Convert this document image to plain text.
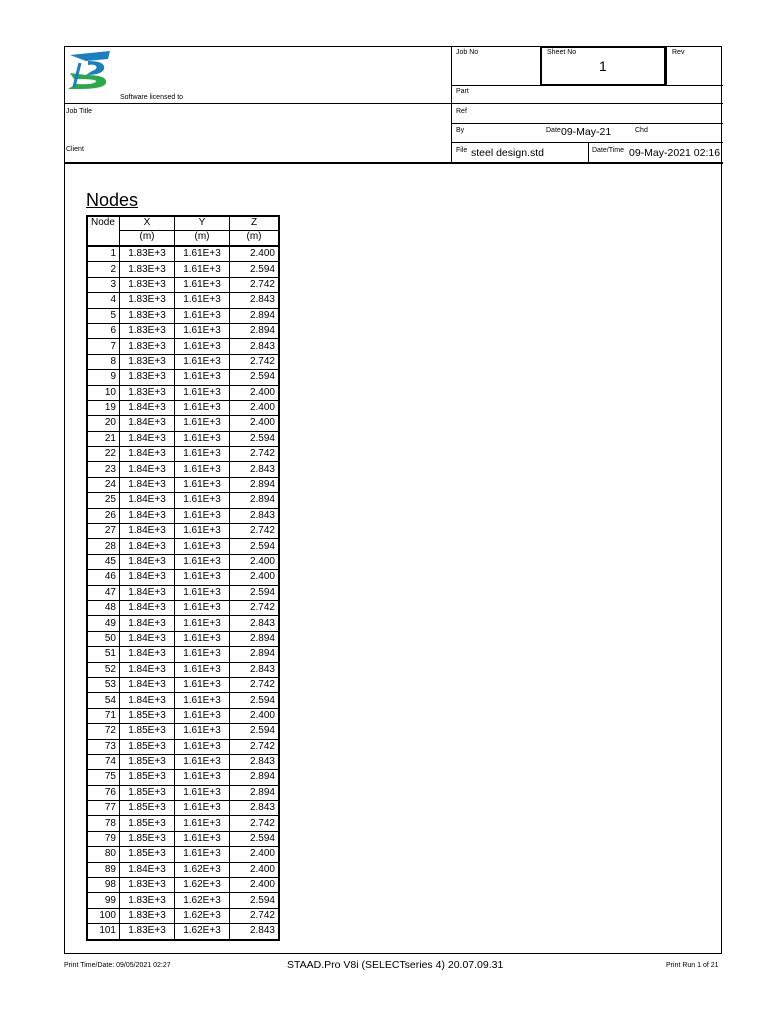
Software licensed to
Job Title
Client
Job No	Sheet No
1
Rev
Part
Ref
By	Date 09-May-21	Chd
File steel design.std	Date/Time 09-May-2021 02:16
Nodes
Node	X	Y	Z
	(m)	(m)	(m)
1	1.83E+3	1.61E+3	2.400
2	1.83E+3	1.61E+3	2.594
3	1.83E+3	1.61E+3	2.742
4	1.83E+3	1.61E+3	2.843
5	1.83E+3	1.61E+3	2.894
6	1.83E+3	1.61E+3	2.894
7	1.83E+3	1.61E+3	2.843
8	1.83E+3	1.61E+3	2.742
9	1.83E+3	1.61E+3	2.594
10	1.83E+3	1.61E+3	2.400
19	1.84E+3	1.61E+3	2.400
20	1.84E+3	1.61E+3	2.400
21	1.84E+3	1.61E+3	2.594
22	1.84E+3	1.61E+3	2.742
23	1.84E+3	1.61E+3	2.843
24	1.84E+3	1.61E+3	2.894
25	1.84E+3	1.61E+3	2.894
26	1.84E+3	1.61E+3	2.843
27	1.84E+3	1.61E+3	2.742
28	1.84E+3	1.61E+3	2.594
45	1.84E+3	1.61E+3	2.400
46	1.84E+3	1.61E+3	2.400
47	1.84E+3	1.61E+3	2.594
48	1.84E+3	1.61E+3	2.742
49	1.84E+3	1.61E+3	2.843
50	1.84E+3	1.61E+3	2.894
51	1.84E+3	1.61E+3	2.894
52	1.84E+3	1.61E+3	2.843
53	1.84E+3	1.61E+3	2.742
54	1.84E+3	1.61E+3	2.594
71	1.85E+3	1.61E+3	2.400
72	1.85E+3	1.61E+3	2.594
73	1.85E+3	1.61E+3	2.742
74	1.85E+3	1.61E+3	2.843
75	1.85E+3	1.61E+3	2.894
76	1.85E+3	1.61E+3	2.894
77	1.85E+3	1.61E+3	2.843
78	1.85E+3	1.61E+3	2.742
79	1.85E+3	1.61E+3	2.594
80	1.85E+3	1.61E+3	2.400
89	1.84E+3	1.62E+3	2.400
98	1.83E+3	1.62E+3	2.400
99	1.83E+3	1.62E+3	2.594
100	1.83E+3	1.62E+3	2.742
101	1.83E+3	1.62E+3	2.843
Print Time/Date: 09/05/2021 02:27	STAAD.Pro V8i (SELECTseries 4) 20.07.09.31	Print Run 1 of 21
